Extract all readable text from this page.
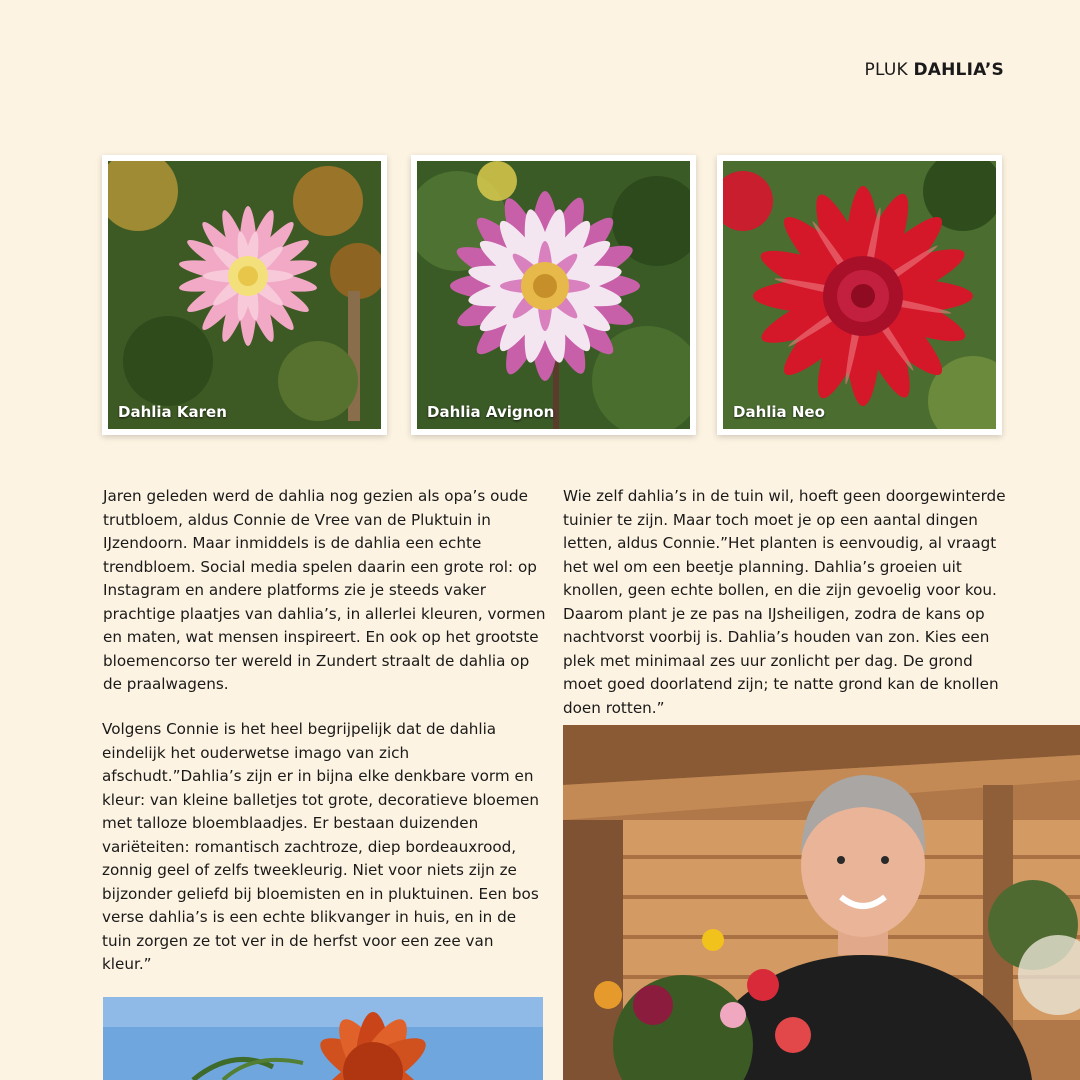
PLUK DAHLIA’S
Dahlia Karen	Dahlia Avignon	Dahlia Neo

Jaren geleden werd de dahlia nog gezien als opa’s oude trutbloem, aldus Connie de Vree van de Pluktuin in IJzendoorn. Maar inmiddels is de dahlia een echte trendbloem. Social media spelen daarin een grote rol: op Instagram en andere platforms zie je steeds vaker prachtige plaatjes van dahlia’s, in allerlei kleuren, vormen en maten, wat mensen inspireert. En ook op het grootste bloemencorso ter wereld in Zundert straalt de dahlia op de praalwagens.

Volgens Connie is het heel begrijpelijk dat de dahlia eindelijk het ouderwetse imago van zich afschudt.”Dahlia’s zijn er in bijna elke denkbare vorm en kleur: van kleine balletjes tot grote, decoratieve bloemen met talloze bloemblaadjes. Er bestaan duizenden variëteiten: romantisch zachtroze, diep bordeauxrood, zonnig geel of zelfs tweekleurig. Niet voor niets zijn ze bijzonder geliefd bij bloemisten en in pluktuinen. Een bos verse dahlia’s is een echte blikvanger in huis, en in de tuin zorgen ze tot ver in de herfst voor een zee van kleur.”

Wie zelf dahlia’s in de tuin wil, hoeft geen doorgewinterde tuinier te zijn. Maar toch moet je op een aantal dingen letten, aldus Connie.”Het planten is eenvoudig, al vraagt het wel om een beetje planning. Dahlia’s groeien uit knollen, geen echte bollen, en die zijn gevoelig voor kou. Daarom plant je ze pas na IJsheiligen, zodra de kans op nachtvorst voorbij is. Dahlia’s houden van zon. Kies een plek met minimaal zes uur zonlicht per dag. De grond moet goed doorlatend zijn; te natte grond kan de knollen doen rotten.”
